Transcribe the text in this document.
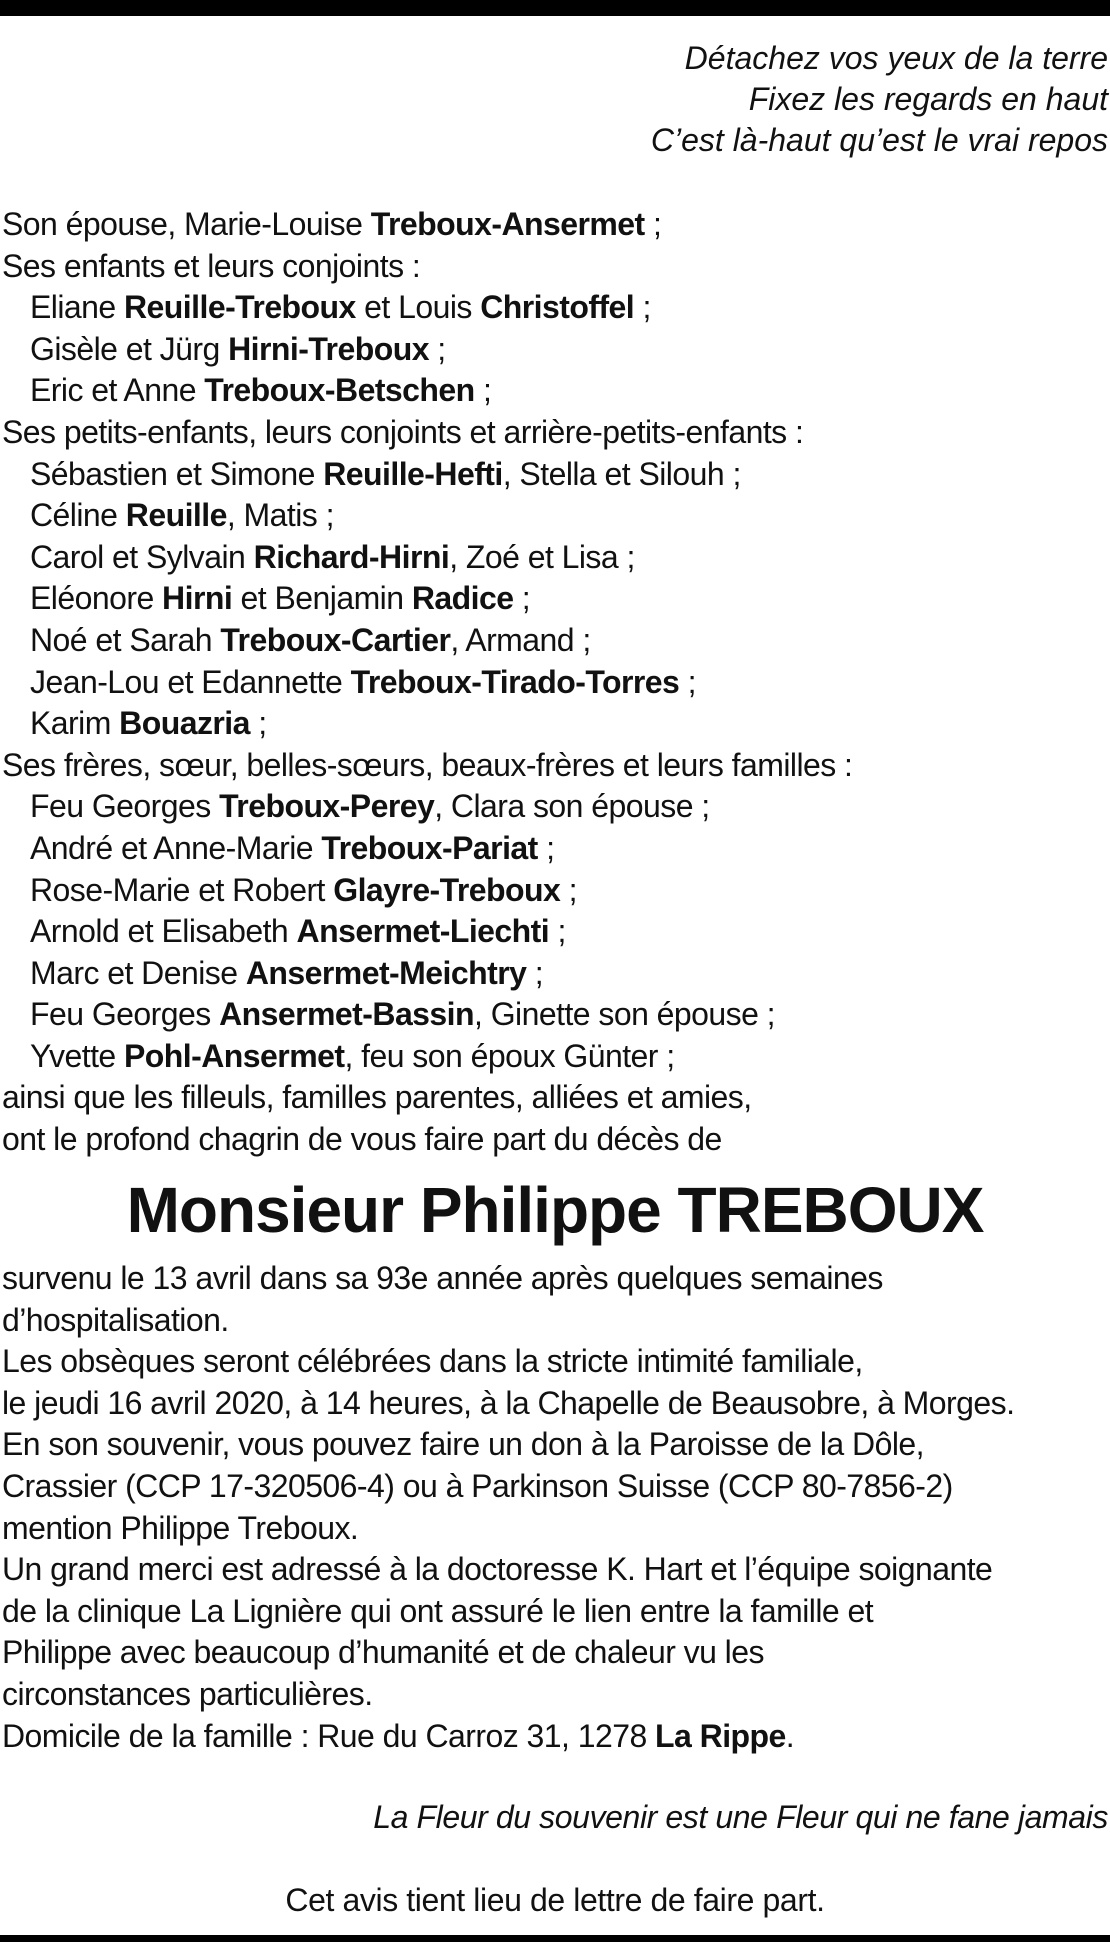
Détachez vos yeux de la terre
Fixez les regards en haut
C’est là-haut qu’est le vrai repos
Son épouse, Marie-Louise Treboux-Ansermet ;
Ses enfants et leurs conjoints :
Eliane Reuille-Treboux et Louis Christoffel ;
Gisèle et Jürg Hirni-Treboux ;
Eric et Anne Treboux-Betschen ;
Ses petits-enfants, leurs conjoints et arrière-petits-enfants :
Sébastien et Simone Reuille-Hefti, Stella et Silouh ;
Céline Reuille, Matis ;
Carol et Sylvain Richard-Hirni, Zoé et Lisa ;
Eléonore Hirni et Benjamin Radice ;
Noé et Sarah Treboux-Cartier, Armand ;
Jean-Lou et Edannette Treboux-Tirado-Torres ;
Karim Bouazria ;
Ses frères, sœur, belles-sœurs, beaux-frères et leurs familles :
Feu Georges Treboux-Perey, Clara son épouse ;
André et Anne-Marie Treboux-Pariat ;
Rose-Marie et Robert Glayre-Treboux ;
Arnold et Elisabeth Ansermet-Liechti ;
Marc et Denise Ansermet-Meichtry ;
Feu Georges Ansermet-Bassin, Ginette son épouse ;
Yvette Pohl-Ansermet, feu son époux Günter ;
ainsi que les filleuls, familles parentes, alliées et amies,
ont le profond chagrin de vous faire part du décès de
Monsieur Philippe TREBOUX
survenu le 13 avril dans sa 93e année après quelques semaines
d’hospitalisation.
Les obsèques seront célébrées dans la stricte intimité familiale,
le jeudi 16 avril 2020, à 14 heures, à la Chapelle de Beausobre, à Morges.
En son souvenir, vous pouvez faire un don à la Paroisse de la Dôle,
Crassier (CCP 17-320506-4) ou à Parkinson Suisse (CCP 80-7856-2)
mention Philippe Treboux.
Un grand merci est adressé à la doctoresse K. Hart et l’équipe soignante
de la clinique La Lignière qui ont assuré le lien entre la famille et
Philippe avec beaucoup d’humanité et de chaleur vu les
circonstances particulières.
Domicile de la famille : Rue du Carroz 31, 1278 La Rippe.
La Fleur du souvenir est une Fleur qui ne fane jamais
Cet avis tient lieu de lettre de faire part.
